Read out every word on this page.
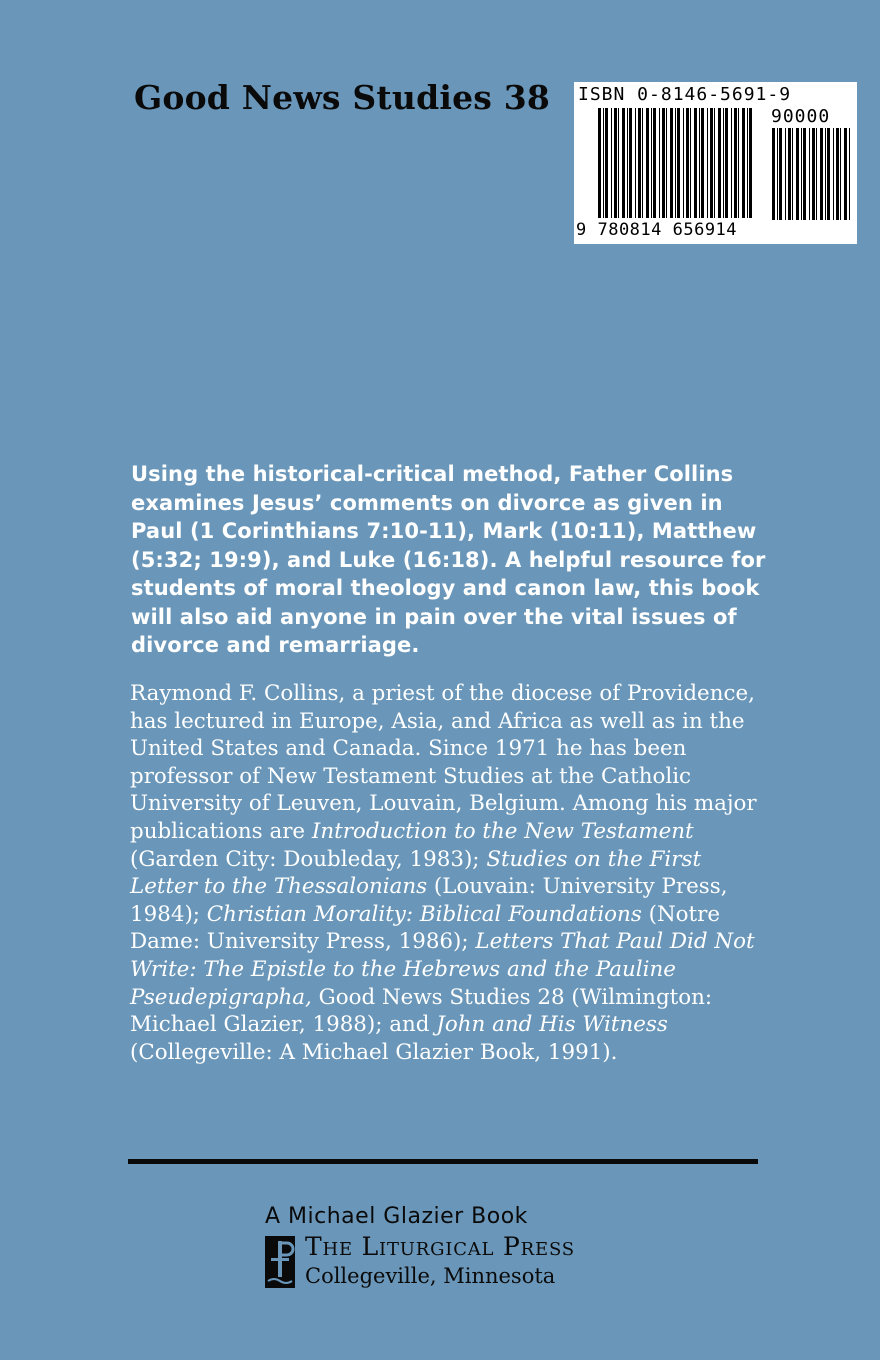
Good News Studies 38 ISBN 0-8146-5691-9
90000
9 780814 656914

Using the historical-critical method, Father Collins examines Jesus’ comments on divorce as given in Paul (1 Corinthians 7:10-11), Mark (10:11), Matthew (5:32; 19:9), and Luke (16:18). A helpful resource for students of moral theology and canon law, this book will also aid anyone in pain over the vital issues of divorce and remarriage.

Raymond F. Collins, a priest of the diocese of Providence, has lectured in Europe, Asia, and Africa as well as in the United States and Canada. Since 1971 he has been professor of New Testament Studies at the Catholic University of Leuven, Louvain, Belgium. Among his major publications are Introduction to the New Testament (Garden City: Doubleday, 1983); Studies on the First Letter to the Thessalonians (Louvain: University Press, 1984); Christian Morality: Biblical Foundations (Notre Dame: University Press, 1986); Letters That Paul Did Not Write: The Epistle to the Hebrews and the Pauline Pseudepigrapha, Good News Studies 28 (Wilmington: Michael Glazier, 1988); and John and His Witness (Collegeville: A Michael Glazier Book, 1991).

A Michael Glazier Book
The Liturgical Press
Collegeville, Minnesota
